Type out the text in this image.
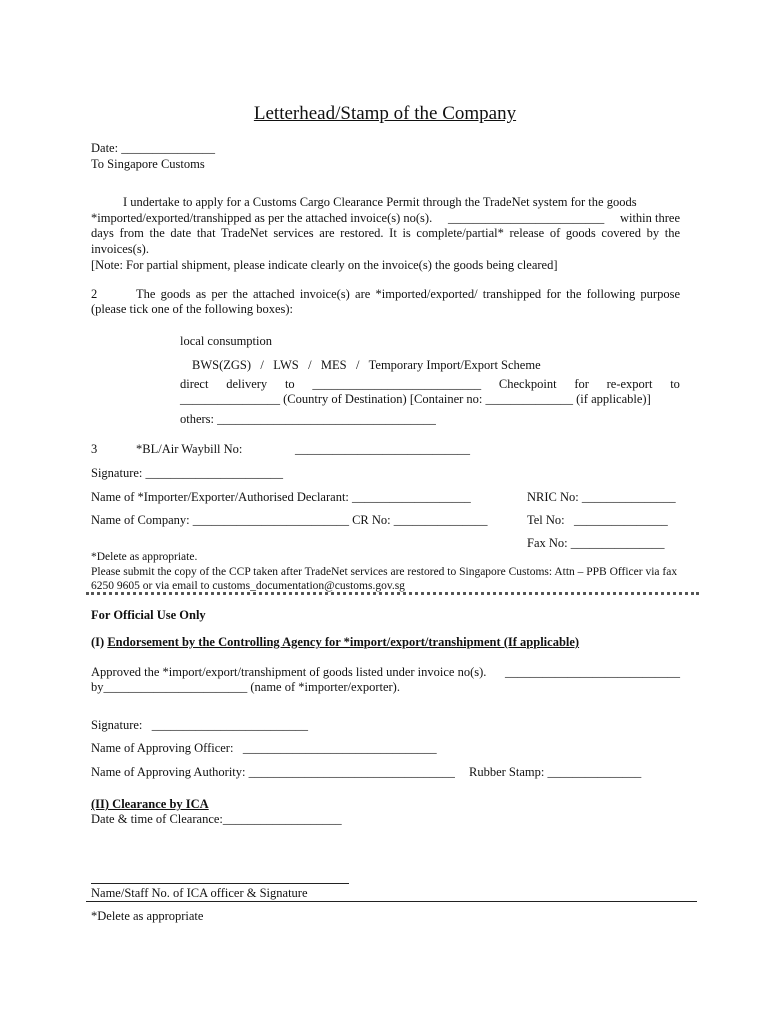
Letterhead/Stamp of the Company
Date: _______________
To Singapore Customs
I undertake to apply for a Customs Cargo Clearance Permit through the TradeNet system for the goods
*imported/exported/transhipped as per the attached invoice(s) no(s). _________________________ within three
days from the date that TradeNet services are restored. It is complete/partial* release of goods covered by the
invoices(s).
[Note: For partial shipment, please indicate clearly on the invoice(s) the goods being cleared]
2	The goods as per the attached invoice(s) are *imported/exported/ transhipped for the following purpose
(please tick one of the following boxes):
local consumption
BWS(ZGS)   /   LWS   /   MES   /   Temporary Import/Export Scheme
direct delivery to ___________________________ Checkpoint for re-export to
________________ (Country of Destination) [Container no: ______________ (if applicable)]
others: ___________________________________
3	*BL/Air Waybill No:	____________________________
Signature: ______________________
Name of *Importer/Exporter/Authorised Declarant: ___________________	NRIC No: _______________
Name of Company: _________________________ CR No: _______________	Tel No:   _______________
Fax No: _______________
*Delete as appropriate.
Please submit the copy of the CCP taken after TradeNet services are restored to Singapore Customs: Attn – PPB Officer via fax
6250 9605 or via email to customs_documentation@customs.gov.sg
For Official Use Only
(I) Endorsement by the Controlling Agency for *import/export/transhipment (If applicable)
Approved the *import/export/transhipment of goods listed under invoice no(s). ____________________________
by_______________________ (name of *importer/exporter).
Signature:   _________________________
Name of Approving Officer:   _______________________________
Name of Approving Authority: _________________________________ Rubber Stamp: _______________
(II) Clearance by ICA
Date & time of Clearance:___________________
Name/Staff No. of ICA officer & Signature
*Delete as appropriate
